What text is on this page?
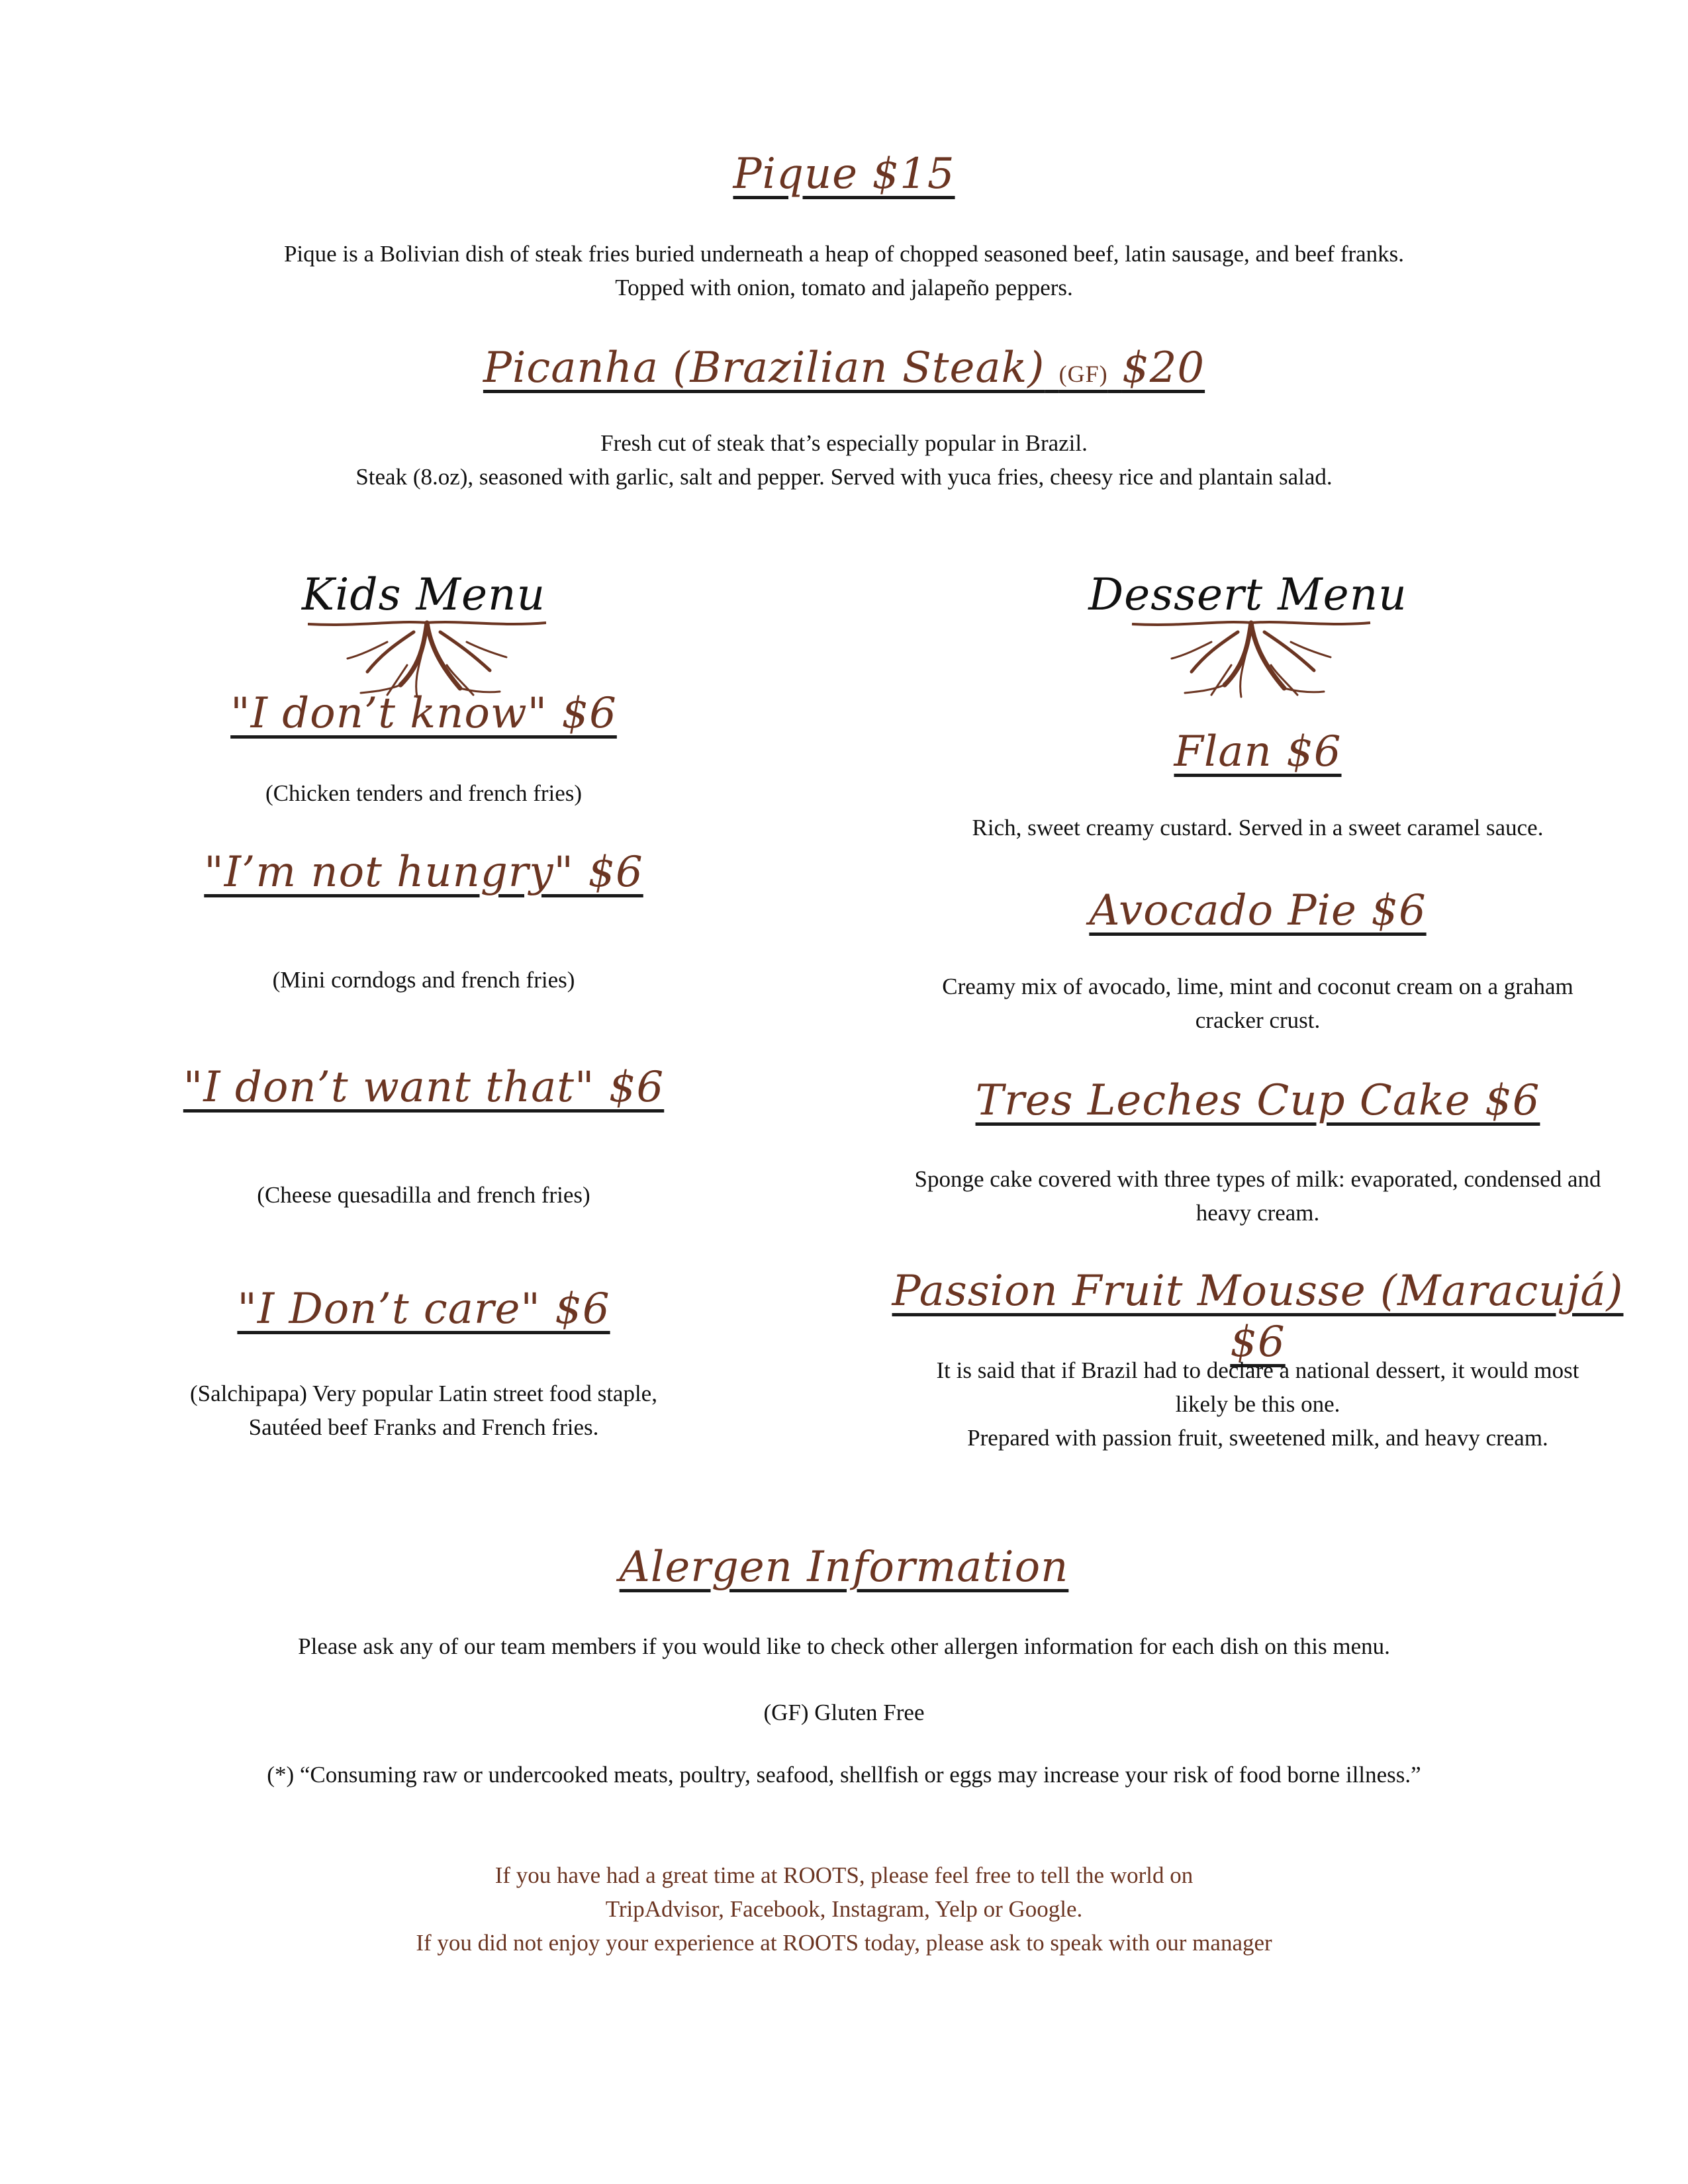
Pique $15
Pique is a Bolivian dish of steak fries buried underneath a heap of chopped seasoned beef, latin sausage, and beef franks.
Topped with onion, tomato and jalapeño peppers.
Picanha (Brazilian Steak) (GF) $20
Fresh cut of steak that’s especially popular in Brazil.
Steak (8.oz), seasoned with garlic, salt and pepper. Served with yuca fries, cheesy rice and plantain salad.
Kids Menu	Dessert Menu
"I don’t know" $6
(Chicken tenders and french fries)
"I’m not hungry" $6
(Mini corndogs and french fries)
"I don’t want that" $6
(Cheese quesadilla and french fries)
"I Don’t care" $6
(Salchipapa) Very popular Latin street food staple,
Sautéed beef Franks and French fries.
Flan $6
Rich, sweet creamy custard. Served in a sweet caramel sauce.
Avocado Pie $6
Creamy mix of avocado, lime, mint and coconut cream on a graham
cracker crust.
Tres Leches Cup Cake $6
Sponge cake covered with three types of milk: evaporated, condensed and
heavy cream.
Passion Fruit Mousse (Maracujá) $6
It is said that if Brazil had to declare a national dessert, it would most
likely be this one.
Prepared with passion fruit, sweetened milk, and heavy cream.
Alergen Information
Please ask any of our team members if you would like to check other allergen information for each dish on this menu.
(GF) Gluten Free
(*) “Consuming raw or undercooked meats, poultry, seafood, shellfish or eggs may increase your risk of food borne illness.”
If you have had a great time at ROOTS, please feel free to tell the world on
TripAdvisor, Facebook, Instagram, Yelp or Google.
If you did not enjoy your experience at ROOTS today, please ask to speak with our manager
